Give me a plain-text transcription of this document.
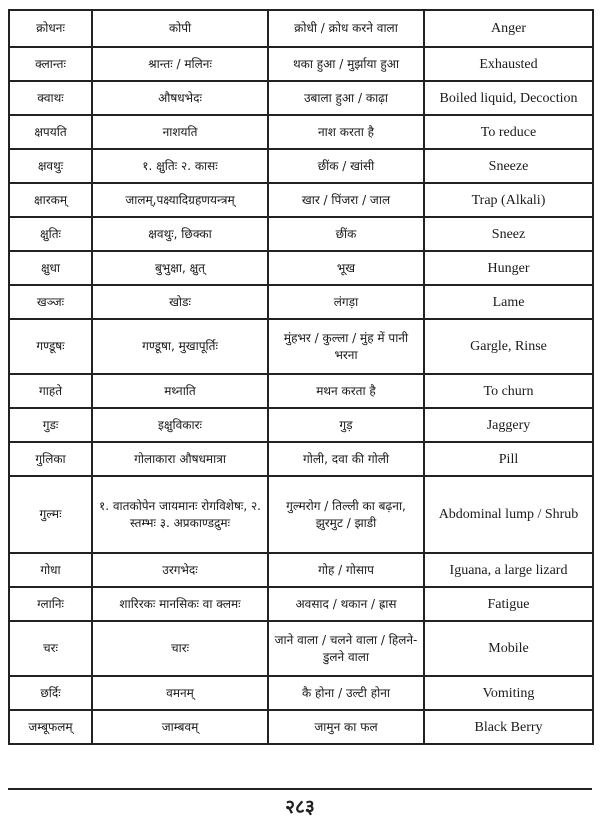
क्रोधनः	कोपी	क्रोधी / क्रोध करने वाला	Anger
क्लान्तः	श्रान्तः / मलिनः	थका हुआ / मुर्झाया हुआ	Exhausted
क्वाथः	औषधभेदः	उबाला हुआ / काढ़ा	Boiled liquid, Decoction
क्षपयति	नाशयति	नाश करता है	To reduce
क्षवथुः	१. क्षुतिः २. कासः	छींक / खांसी	Sneeze
क्षारकम्	जालम्,पक्ष्यादिग्रहणयन्त्रम्	खार / पिंजरा / जाल	Trap (Alkali)
क्षुतिः	क्षवथुः, छिक्का	छींक	Sneez
क्षुधा	बुभुक्षा, क्षुत्	भूख	Hunger
खञ्जः	खोडः	लंगड़ा	Lame
गण्डूषः	गण्डूषा, मुखापूर्तिः	मुंहभर / कुल्ला / मुंह में पानी भरना	Gargle, Rinse
गाहते	मथ्नाति	मथन करता है	To churn
गुडः	इक्षुविकारः	गुड़	Jaggery
गुलिका	गोलाकारा औषधमात्रा	गोली, दवा की गोली	Pill
गुल्मः	१. वातकोपेन जायमानः रोगविशेषः, २. स्तम्भः ३. अप्रकाण्डद्रुमः	गुल्मरोग / तिल्ली का बढ़ना, झुरमुट / झाडी	Abdominal lump / Shrub
गोधा	उरगभेदः	गोह / गोसाप	Iguana, a large lizard
ग्लानिः	शारिरकः मानसिकः वा क्लमः	अवसाद / थकान / ह्रास	Fatigue
चरः	चारः	जाने वाला / चलने वाला / हिलने-डुलने वाला	Mobile
छर्दिः	वमनम्	कै होना / उल्टी होना	Vomiting
जम्बूफलम्	जाम्बवम्	जामुन का फल	Black Berry
२८३
